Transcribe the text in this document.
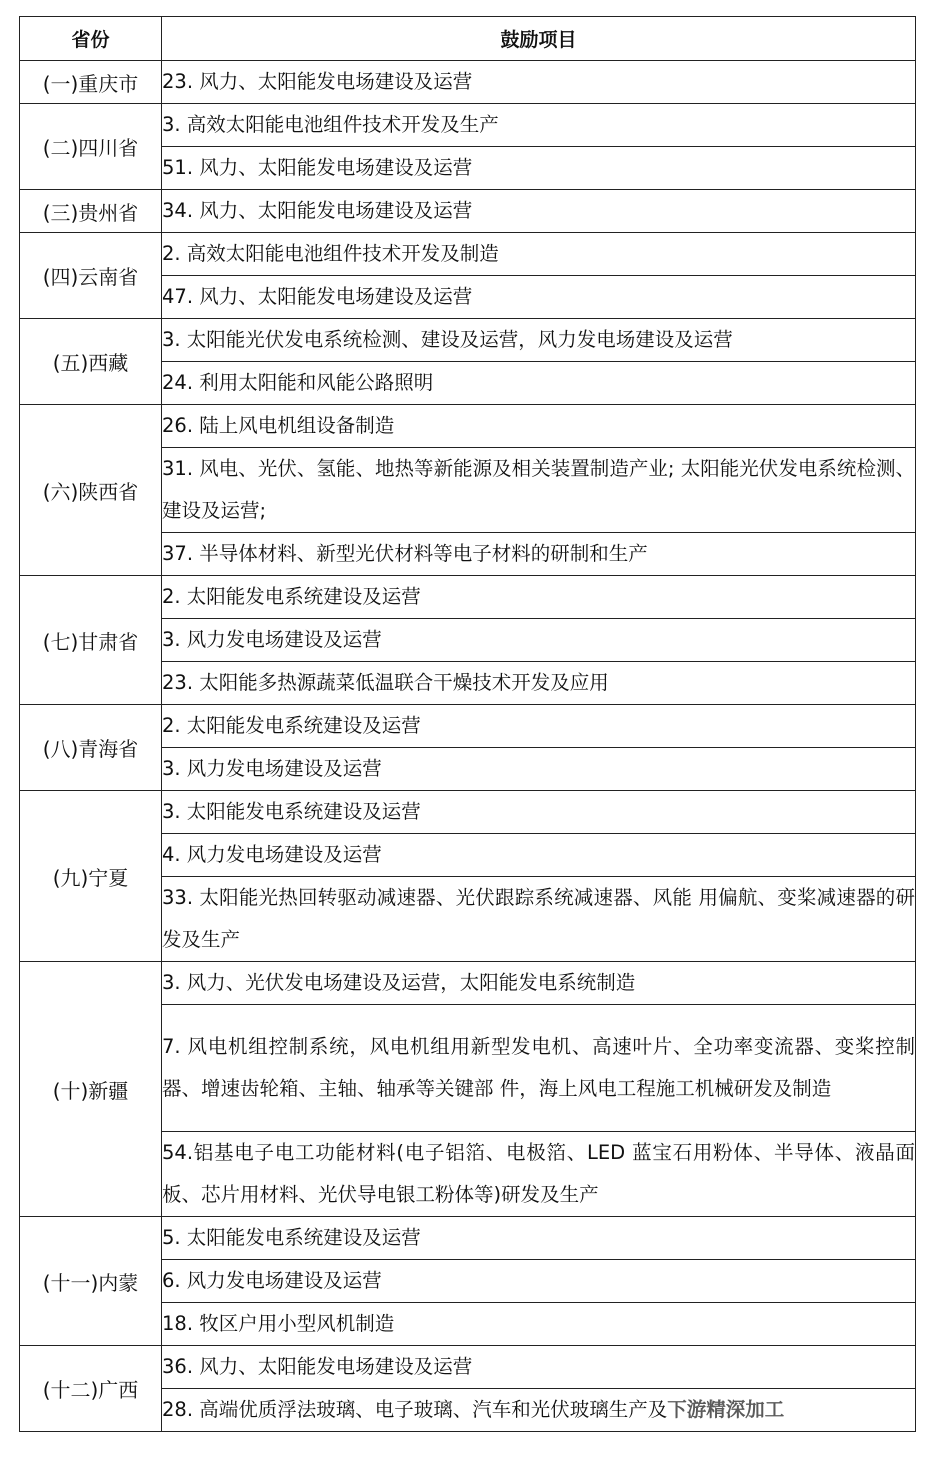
省份	鼓励项目
(一)重庆市	23. 风力、太阳能发电场建设及运营
(二)四川省	3. 高效太阳能电池组件技术开发及生产
	51. 风力、太阳能发电场建设及运营
(三)贵州省	34. 风力、太阳能发电场建设及运营
(四)云南省	2. 高效太阳能电池组件技术开发及制造
	47. 风力、太阳能发电场建设及运营
(五)西藏	3. 太阳能光伏发电系统检测、建设及运营，风力发电场建设及运营
	24. 利用太阳能和风能公路照明
(六)陕西省	26. 陆上风电机组设备制造
	31. 风电、光伏、氢能、地热等新能源及相关装置制造产业; 太阳能光伏发电系统检测、建设及运营;
	37. 半导体材料、新型光伏材料等电子材料的研制和生产
(七)甘肃省	2. 太阳能发电系统建设及运营
	3. 风力发电场建设及运营
	23. 太阳能多热源蔬菜低温联合干燥技术开发及应用
(八)青海省	2. 太阳能发电系统建设及运营
	3. 风力发电场建设及运营
(九)宁夏	3. 太阳能发电系统建设及运营
	4. 风力发电场建设及运营
	33. 太阳能光热回转驱动减速器、光伏跟踪系统减速器、风能 用偏航、变桨减速器的研发及生产
(十)新疆	3. 风力、光伏发电场建设及运营，太阳能发电系统制造
	7. 风电机组控制系统，风电机组用新型发电机、高速叶片、全功率变流器、变桨控制器、增速齿轮箱、主轴、轴承等关键部 件，海上风电工程施工机械研发及制造
	54.铝基电子电工功能材料(电子铝箔、电极箔、LED 蓝宝石用粉体、半导体、液晶面 板、芯片用材料、光伏导电银工粉体等)研发及生产
(十一)内蒙	5. 太阳能发电系统建设及运营
	6. 风力发电场建设及运营
	18. 牧区户用小型风机制造
(十二)广西	36. 风力、太阳能发电场建设及运营
	28. 高端优质浮法玻璃、电子玻璃、汽车和光伏玻璃生产及下游精深加工
